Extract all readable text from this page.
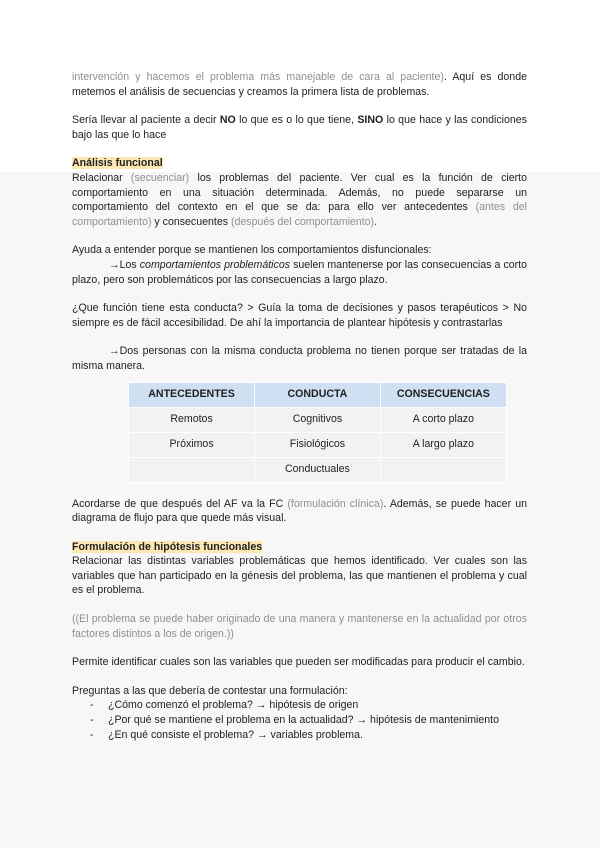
intervención y hacemos el problema más manejable de cara al paciente). Aquí es donde metemos el análisis de secuencias y creamos la primera lista de problemas.

Sería llevar al paciente a decir NO lo que es o lo que tiene, SINO lo que hace y las condiciones bajo las que lo hace

Análisis funcional

Relacionar (secuenciar) los problemas del paciente. Ver cual es la función de cierto comportamiento en una situación determinada. Además, no puede separarse un comportamiento del contexto en el que se da: para ello ver antecedentes (antes del comportamiento) y consecuentes (después del comportamiento).

Ayuda a entender porque se mantienen los comportamientos disfuncionales:

→Los comportamientos problemáticos suelen mantenerse por las consecuencias a corto plazo, pero son problemáticos por las consecuencias a largo plazo.

¿Que función tiene esta conducta? > Guía la toma de decisiones y pasos terapéuticos > No siempre es de fácil accesibilidad. De ahí la importancia de plantear hipótesis y contrastarlas

→Dos personas con la misma conducta problema no tienen porque ser tratadas de la misma manera.

ANTECEDENTES	CONDUCTA	CONSECUENCIAS
Remotos	Cognitivos	A corto plazo
Próximos	Fisiológicos	A largo plazo
	Conductuales	

Acordarse de que después del AF va la FC (formulación clínica). Además, se puede hacer un diagrama de flujo para que quede más visual.

Formulación de hipótesis funcionales

Relacionar las distintas variables problemáticas que hemos identificado. Ver cuales son las variables que han participado en la génesis del problema, las que mantienen el problema y cual es el problema.

((El problema se puede haber originado de una manera y mantenerse en la actualidad por otros factores distintos a los de origen.))

Permite identificar cuales son las variables que pueden ser modificadas para producir el cambio.

Preguntas a las que debería de contestar una formulación:

- ¿Cómo comenzó el problema? → hipótesis de origen
- ¿Por qué se mantiene el problema en la actualidad? → hipótesis de mantenimiento
- ¿En qué consiste el problema? → variables problema.
